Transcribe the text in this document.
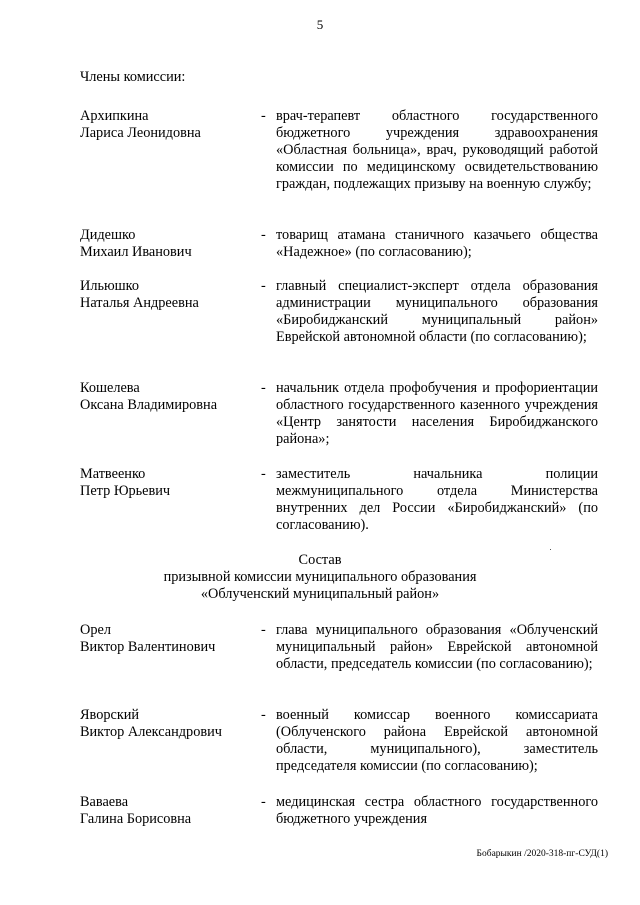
5
Члены комиссии:
Архипкина
Лариса Леонидовна
- врач-терапевт областного государственного бюджетного учреждения здравоохранения «Областная больница», врач, руководящий работой комиссии по медицинскому освидетельствованию граждан, подлежащих призыву на военную службу;
Дидешко
Михаил Иванович
- товарищ атамана станичного казачьего общества «Надежное» (по согласованию);
Ильюшко
Наталья Андреевна
- главный специалист-эксперт отдела образования администрации муниципального образования «Биробиджанский муниципальный район» Еврейской автономной области (по согласованию);
Кошелева
Оксана Владимировна
- начальник отдела профобучения и профориентации областного государственного казенного учреждения «Центр занятости населения Биробиджанского района»;
Матвеенко
Петр Юрьевич
- заместитель начальника полиции межмуниципального отдела Министерства внутренних дел России «Биробиджанский» (по согласованию).
Состав
призывной комиссии муниципального образования
«Облученский муниципальный район»
Орел
Виктор Валентинович
- глава муниципального образования «Облученский муниципальный район» Еврейской автономной области, председатель комиссии (по согласованию);
Яворский
Виктор Александрович
- военный комиссар военного комиссариата (Облученского района Еврейской автономной области, муниципального), заместитель председателя комиссии (по согласованию);
Ваваева
Галина Борисовна
- медицинская сестра областного государственного бюджетного учреждения
Бобарыкин /2020-318-пг-СУД(1)
